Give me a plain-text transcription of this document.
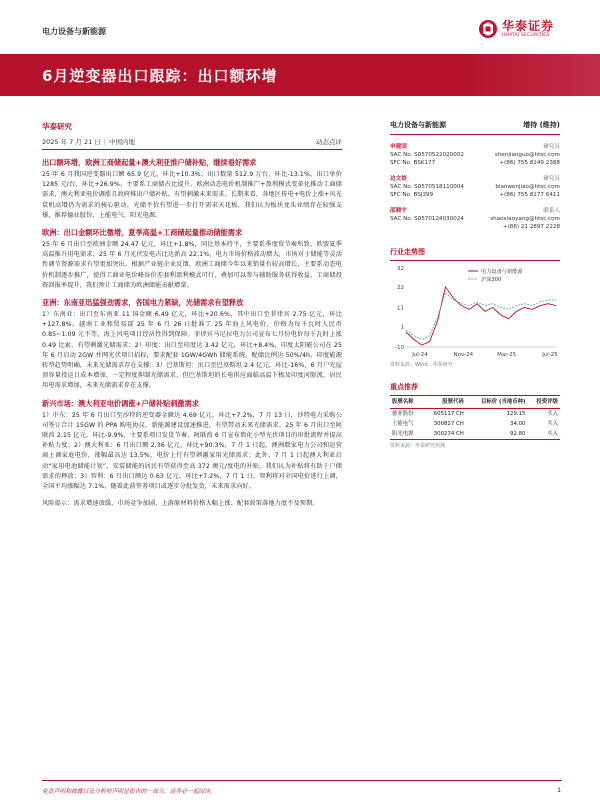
电力设备与新能源	华泰证券
HUATAI SECURITIES
6月逆变器出口跟踪：出口额环增
华泰研究
2025 年 7 月 21 日 | 中国内地	动态点评
出口额环增，欧洲工商储起量+澳大利亚推户储补贴，继续看好需求
25 年 6 月我国逆变器出口额 65.9 亿元，环比+10.3%；出口数量 512.9 万台，环比-13.1%，出口单价 1285 元/台，环比+26.9%。主要系工商储占比提升。欧洲动态电价机制推广+盈利模式变革化推动工商储需求，澳大利亚电价调涨且政府推出户储补贴，有望刺激未来需求。长期来看，各地区传电+电价上涨+风光装机高增仍为需求的核心驱动，光储平价有望进一步打开需求天花板，我们认为板块龙头业绩存在较强支撑，推荐德业股份、上能电气、阳光电源。
欧洲：出口金额环比微增，夏季高温+工商储起量推动储能需求
25 年 6 月出口至欧洲金额 24.47 亿元，环比+1.8%，同比基本持平，主要系季度贸节奏所致。欧盟夏季高温推升用电需求，25 年 6 月光伏发电占比达新高 22.1%，电力市场价格波动增大，市场对于储能等灵活性调节资源需求有望更加突出。根据产业链企业反馈，欧洲工商储今年以来销量有较高增长，主要系动态电价机制逐步推广，使得工商业电价峰谷价差套利盈利模式可行，叠加可以参与辅助服务获得收益，工商储投资回报率提升，我们预计工商储为欧洲储能贡献增量。
亚洲：东南亚迅猛强劲需求，各国电力紧缺，光储需求有望释放
1）东南亚：出口至东南亚 11 国金额 6.49 亿元，环比+20.6%，其中出口至菲律宾 2.75 亿元，环比+127.8%。越南工业和贸易部 25 年 6 月 26 日批准了 25 年海上风电价，价格为每千瓦时人民币 0.85~1.09 元不等，海上风电项目经济性得到保障。菲律宾马尼拉电力公司宣布七月份电价每千瓦时上涨 0.49 比索，有望刺激光储需求；2）印度：出口至印度达 3.42 亿元，环比+8.4%，印度太阳能公司在 25 年 6 月启动 2GW 并网光伏项目招标，要求配套 1GW/4GWh 储能系统，配储比例达 50%/4h，印度能源转型趋势明确，未来光储需求存在支撑；3）巴基斯坦：出口至巴基斯坦 2.4 亿元，环比-16%，6 月户光屋顶容量投运日成本增加，一定程度抑制光储需求，但巴基斯坦的长电供应面临高温下极及印度河限流，居民用电需求增加，未来光储需求存在支撑。
新兴市场：澳大利亚电价调涨+户储补贴刺激需求
1）中东：25 年 6 月出口至沙特的逆变器金额达 4.69 亿元，环比+7.2%，7 月 13 日，沙特电力采购公司签订合计 15GW 的 PPA 购电协议，新能源建设加速推进，有望带动未来光储需求。25 年 6 月出口至阿联酋 2.15 亿元，环比-9.9%，主要系项目发货节奏，阿联酋 6 月宣布简化小型光伏项目的审批流程并提高补贴力度；2）澳大利亚：6 月出口额 2.36 亿元，环比+90.3%，7 月 1 日起，澳洲数家电力公司和运营商上调家庭电价，涨幅最高达 13.5%，电价上行有望刺激家用光储需求；此外，7 月 1 日起澳大利亚启动“家用电池储能计划”，安装储能的居民有望获得至高 372 澳元/度电的补贴，我们认为补贴将有助于户储需求的释放；3）智利：6 月出口额达 0.63 亿元，环比+7.2%，7 月 1 日，智利将对全国电价进行上调，全国平均涨幅达 7.1%，随着此前签署项目或逐步分批发货，未来需求向好。
风险提示：需求增速放缓、市场竞争加剧、上游原材料价格大幅上涨、配套政策落地力度不及预期。
电力设备与新能源	增持 (维持)
申建国	研究员
SAC No. S0570522020002	shenjianguo@htsc.com
SFC No. BSK177	+(86) 755 8249 2388
边文姣	研究员
SAC No. S0570518110004	bianwenjiao@htsc.com
SFC No. BSJ399	+(86) 755 8277 6411
邵晓宇	联系人
SAC No. S0570124030024	shaoxiaoyang@htsc.com
+(86) 21 2897 2228
行业走势图
32
22
11
1
-10
Jul-24	Nov-24	Mar-25	Jul-25
电力设备与新能源
沪深300
资料来源：Wind，华泰研究
重点推荐
股票名称	股票代码	目标价 (当地币种)	投资评级

德业股份	605117 CH	129.15	买入
上能电气	300827 CH	34.00	买入
阳光电源	300274 CH	92.80	买入

资料来源：华泰研究预测
免责声明和披露以及分析师声明是报告的一部分，请务必一起阅读。	1
